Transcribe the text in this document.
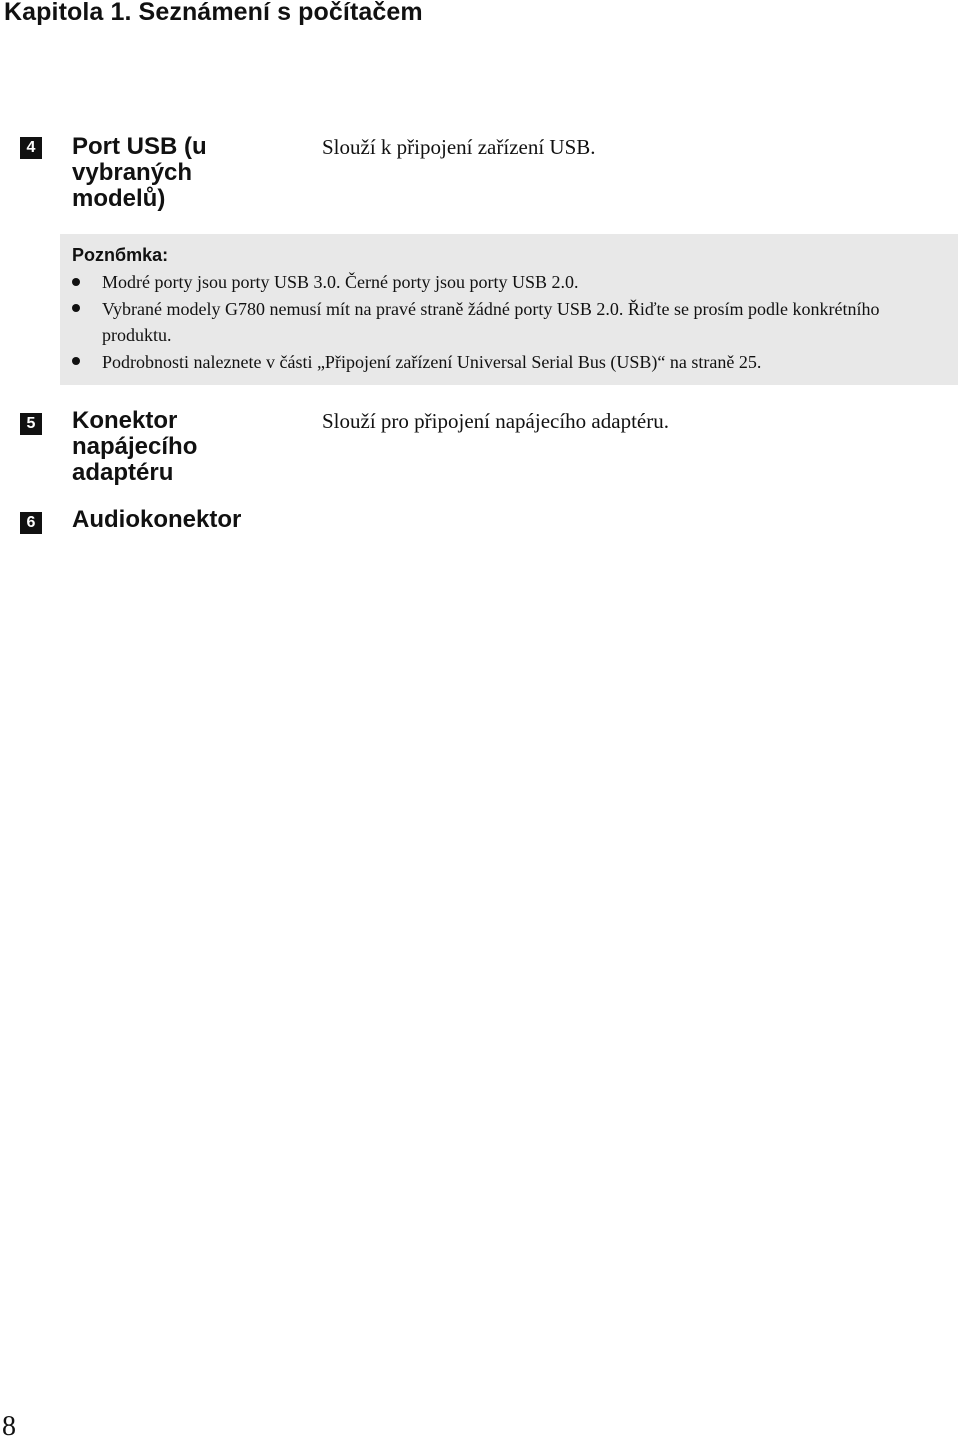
Kapitola 1. Seznámení s počítačem
4 Port USB (u vybraných modelů)
Slouží k připojení zařízení USB.
Poznбmka:
Modré porty jsou porty USB 3.0. Černé porty jsou porty USB 2.0.
Vybrané modely G780 nemusí mít na pravé straně žádné porty USB 2.0. Řiďte se prosím podle konkrétního produktu.
Podrobnosti naleznete v části „Připojení zařízení Universal Serial Bus (USB)“ na straně 25.
5 Konektor napájecího adaptéru
Slouží pro připojení napájecího adaptéru.
6 Audiokonektor
8
